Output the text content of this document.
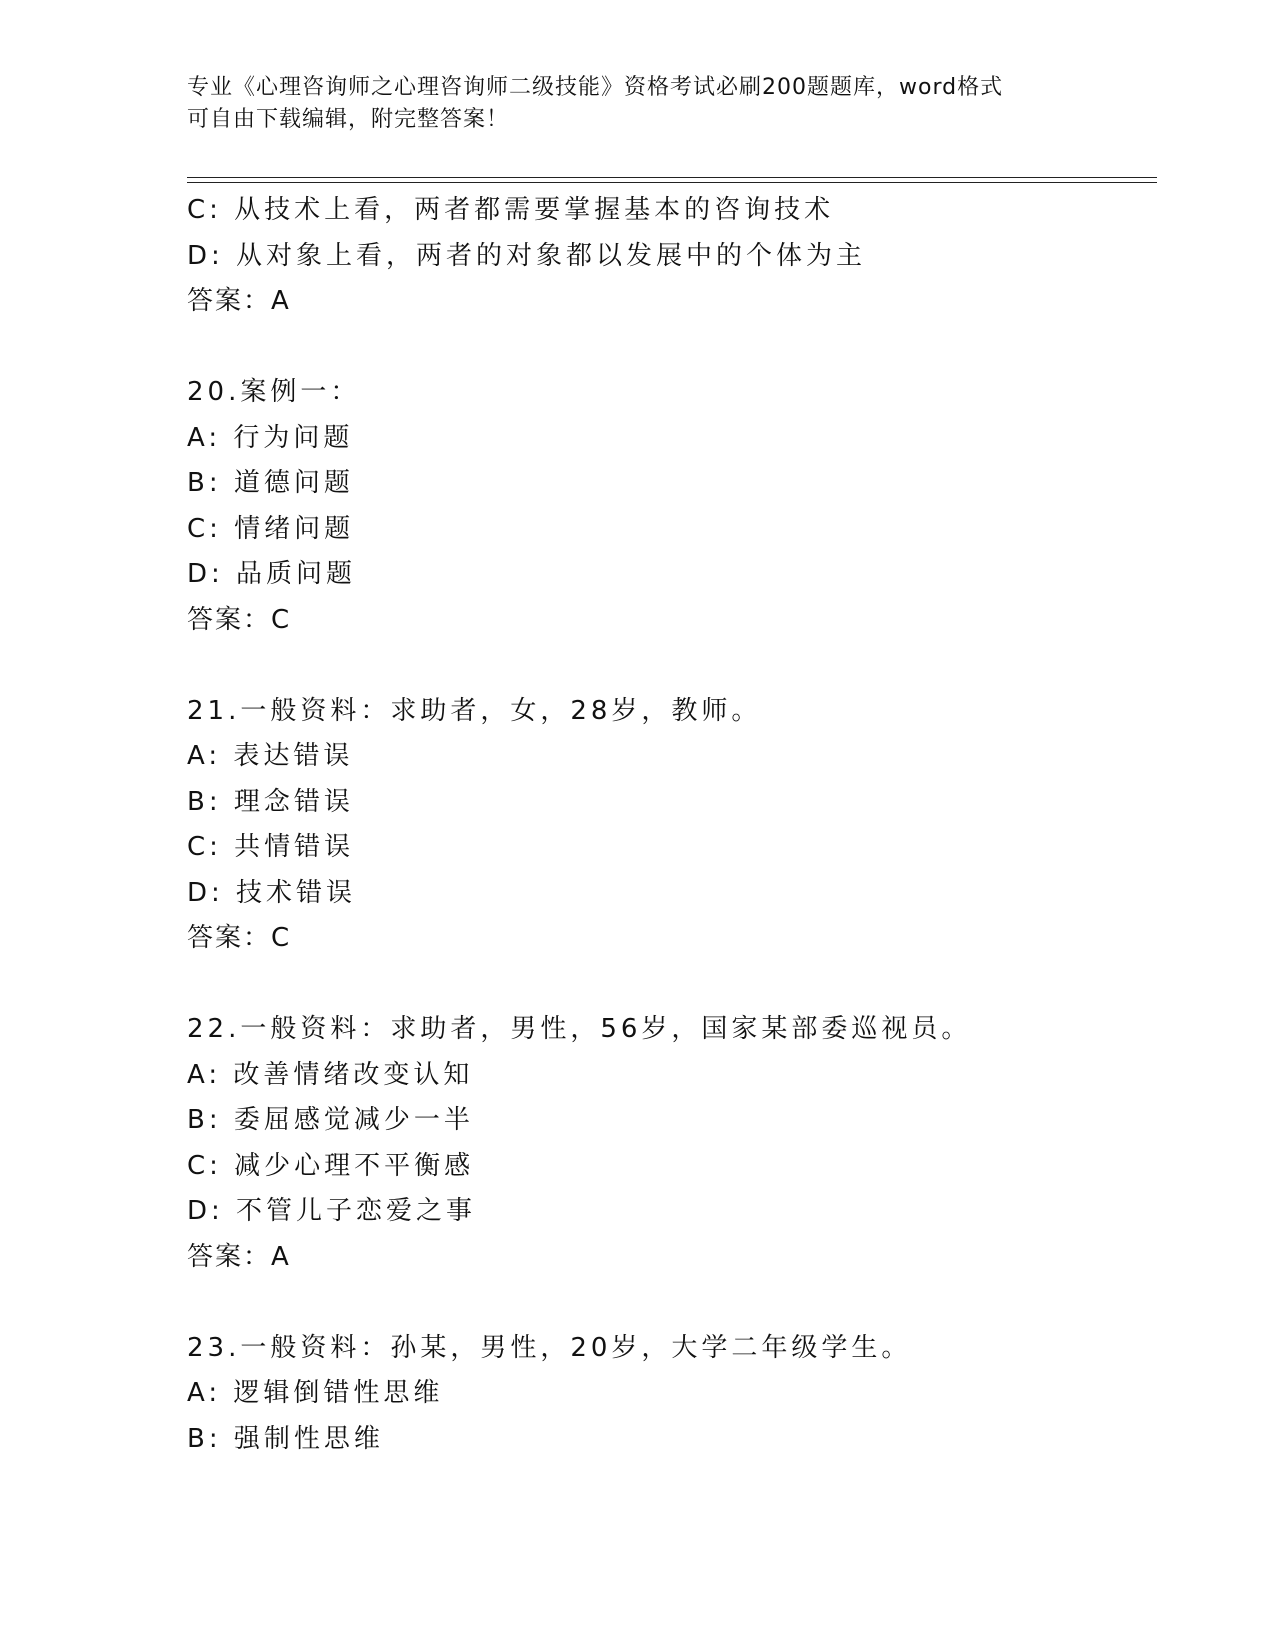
专业《心理咨询师之心理咨询师二级技能》资格考试必刷200题题库，word格式
可自由下载编辑，附完整答案！
C: 从技术上看，两者都需要掌握基本的咨询技术
D: 从对象上看，两者的对象都以发展中的个体为主
答案：A
20.案例一：
A: 行为问题
B: 道德问题
C: 情绪问题
D: 品质问题
答案：C
21.一般资料：求助者，女，28岁，教师。
A: 表达错误
B: 理念错误
C: 共情错误
D: 技术错误
答案：C
22.一般资料：求助者，男性，56岁，国家某部委巡视员。
A: 改善情绪改变认知
B: 委屈感觉减少一半
C: 减少心理不平衡感
D: 不管儿子恋爱之事
答案：A
23.一般资料：孙某，男性，20岁，大学二年级学生。
A: 逻辑倒错性思维
B: 强制性思维
